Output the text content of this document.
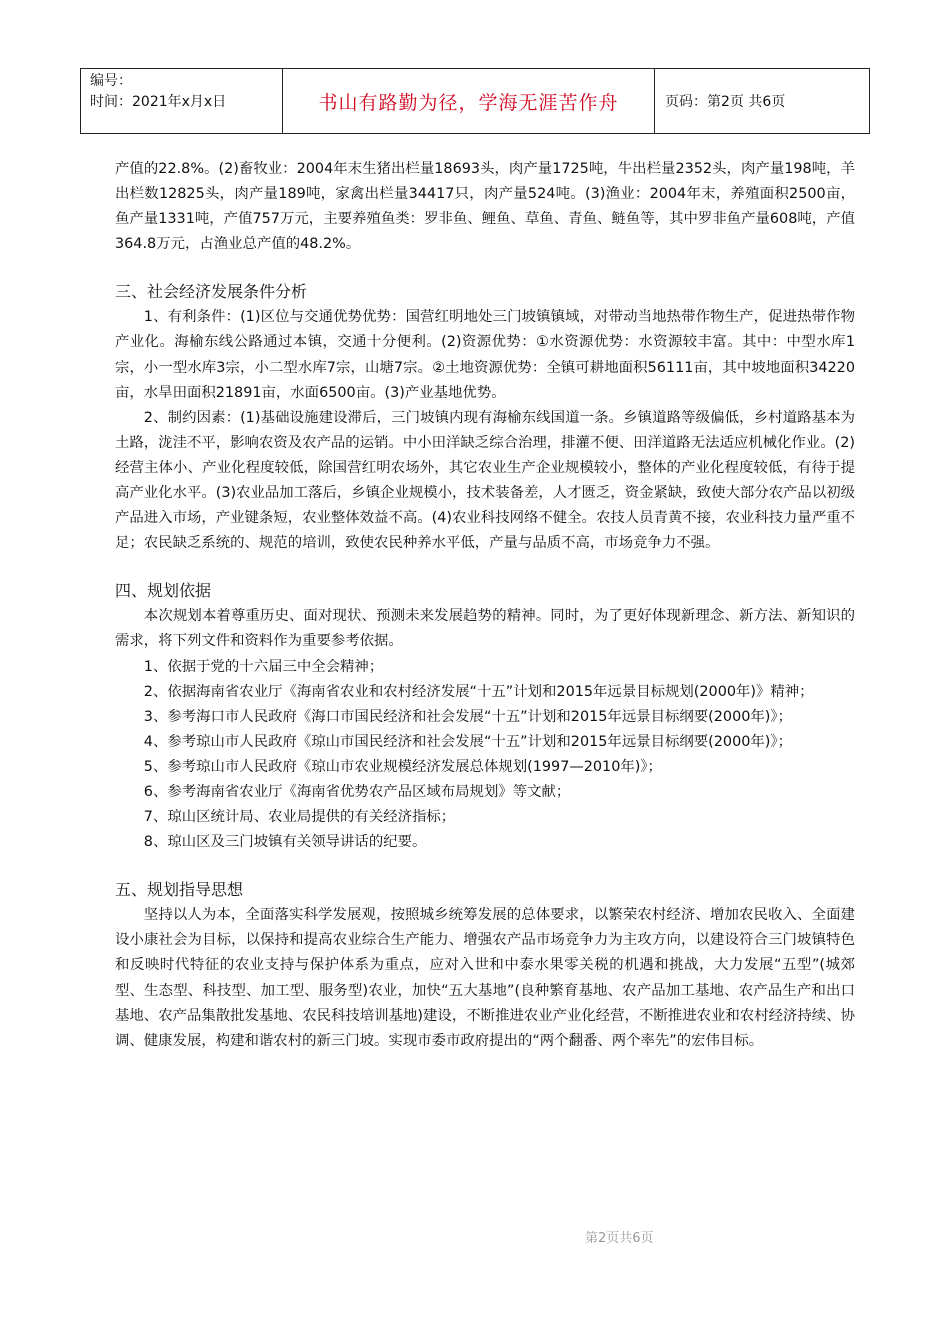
编号：
时间：2021年x月x日	书山有路勤为径，学海无涯苦作舟	页码：第2页 共6页

产值的22.8%。(2)畜牧业：2004年末生猪出栏量18693头，肉产量1725吨，牛出栏量2352头，肉产量198吨，羊出栏数12825头，肉产量189吨，家禽出栏量34417只，肉产量524吨。(3)渔业：2004年末，养殖面积2500亩，鱼产量1331吨，产值757万元，主要养殖鱼类：罗非鱼、鲤鱼、草鱼、青鱼、鲢鱼等，其中罗非鱼产量608吨，产值364.8万元，占渔业总产值的48.2%。

三、社会经济发展条件分析

1、有利条件：(1)区位与交通优势优势：国营红明地处三门坡镇镇域，对带动当地热带作物生产，促进热带作物产业化。海榆东线公路通过本镇，交通十分便利。(2)资源优势：①水资源优势：水资源较丰富。其中：中型水库1宗，小一型水库3宗，小二型水库7宗，山塘7宗。②土地资源优势：全镇可耕地面积56111亩，其中坡地面积34220亩，水旱田面积21891亩，水面6500亩。(3)产业基地优势。

2、制约因素：(1)基础设施建设滞后，三门坡镇内现有海榆东线国道一条。乡镇道路等级偏低，乡村道路基本为土路，泷洼不平，影响农资及农产品的运销。中小田洋缺乏综合治理，排灌不便、田洋道路无法适应机械化作业。(2)经营主体小、产业化程度较低，除国营红明农场外，其它农业生产企业规模较小，整体的产业化程度较低，有待于提高产业化水平。(3)农业品加工落后，乡镇企业规模小，技术装备差，人才匮乏，资金紧缺，致使大部分农产品以初级产品进入市场，产业键条短，农业整体效益不高。(4)农业科技网络不健全。农技人员青黄不接，农业科技力量严重不足；农民缺乏系统的、规范的培训，致使农民种养水平低，产量与品质不高，市场竞争力不强。

四、规划依据

本次规划本着尊重历史、面对现状、预测未来发展趋势的精神。同时，为了更好体现新理念、新方法、新知识的需求，将下列文件和资料作为重要参考依据。

1、依据于党的十六届三中全会精神；

2、依据海南省农业厅《海南省农业和农村经济发展“十五”计划和2015年远景目标规划(2000年)》精神；

3、参考海口市人民政府《海口市国民经济和社会发展“十五”计划和2015年远景目标纲要(2000年)》；

4、参考琼山市人民政府《琼山市国民经济和社会发展“十五”计划和2015年远景目标纲要(2000年)》；

5、参考琼山市人民政府《琼山市农业规模经济发展总体规划(1997—2010年)》；

6、参考海南省农业厅《海南省优势农产品区域布局规划》等文献；

7、琼山区统计局、农业局提供的有关经济指标；

8、琼山区及三门坡镇有关领导讲话的纪要。

五、规划指导思想

坚持以人为本，全面落实科学发展观，按照城乡统筹发展的总体要求，以繁荣农村经济、增加农民收入、全面建设小康社会为目标，以保持和提高农业综合生产能力、增强农产品市场竞争力为主攻方向，以建设符合三门坡镇特色和反映时代特征的农业支持与保护体系为重点，应对入世和中泰水果零关税的机遇和挑战，大力发展“五型”(城郊型、生态型、科技型、加工型、服务型)农业，加快“五大基地”(良种繁育基地、农产品加工基地、农产品生产和出口基地、农产品集散批发基地、农民科技培训基地)建设，不断推进农业产业化经营，不断推进农业和农村经济持续、协调、健康发展，构建和谐农村的新三门坡。实现市委市政府提出的“两个翻番、两个率先”的宏伟目标。

第2页共6页
